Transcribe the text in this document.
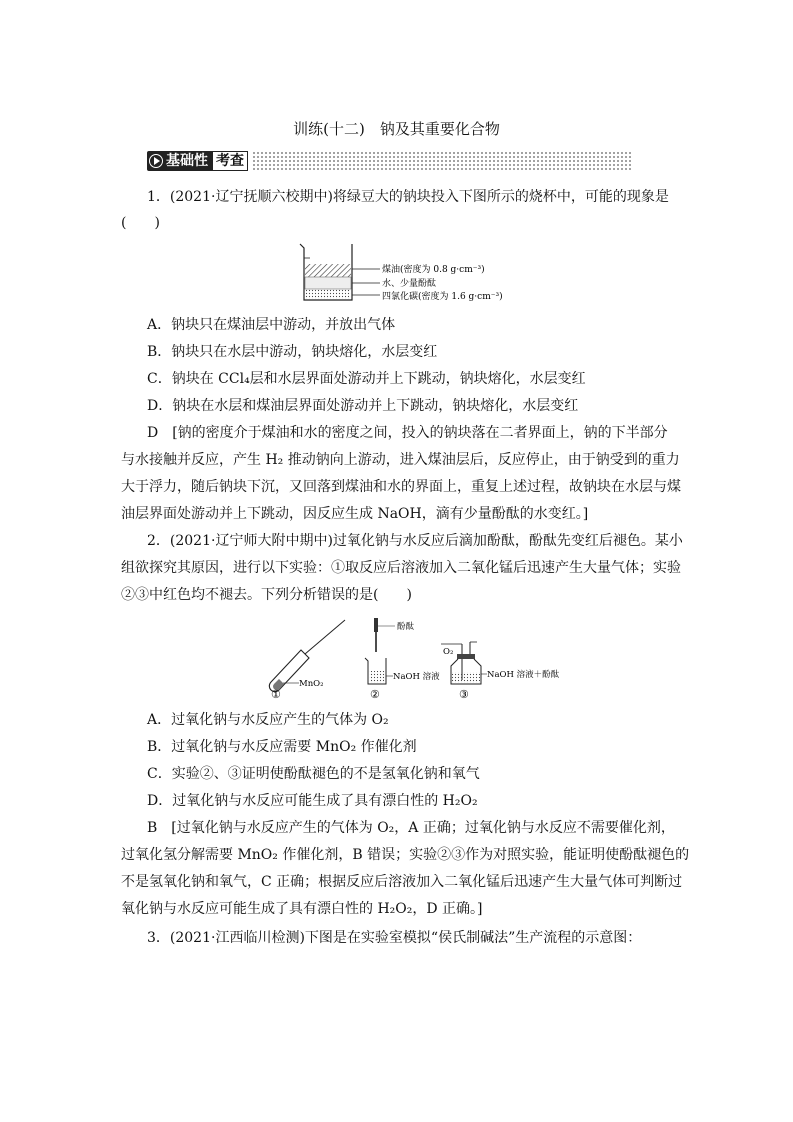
训练(十二)　钠及其重要化合物
基础性 考查
1．(2021·辽宁抚顺六校期中)将绿豆大的钠块投入下图所示的烧杯中，可能的现象是
(　　)
煤油(密度为 0.8 g·cm⁻³)
水、少量酚酞
四氯化碳(密度为 1.6 g·cm⁻³)
A．钠块只在煤油层中游动，并放出气体
B．钠块只在水层中游动，钠块熔化，水层变红
C．钠块在 CCl₄层和水层界面处游动并上下跳动，钠块熔化，水层变红
D．钠块在水层和煤油层界面处游动并上下跳动，钠块熔化，水层变红
D　[钠的密度介于煤油和水的密度之间，投入的钠块落在二者界面上，钠的下半部分
与水接触并反应，产生 H₂ 推动钠向上游动，进入煤油层后，反应停止，由于钠受到的重力
大于浮力，随后钠块下沉，又回落到煤油和水的界面上，重复上述过程，故钠块在水层与煤
油层界面处游动并上下跳动，因反应生成 NaOH，滴有少量酚酞的水变红。]
2．(2021·辽宁师大附中期中)过氧化钠与水反应后滴加酚酞，酚酞先变红后褪色。某小
组欲探究其原因，进行以下实验：①取反应后溶液加入二氧化锰后迅速产生大量气体；实验
②③中红色均不褪去。下列分析错误的是(　　)
MnO₂
①
酚酞
NaOH 溶液
②
O₂
NaOH 溶液＋酚酞
③
A．过氧化钠与水反应产生的气体为 O₂
B．过氧化钠与水反应需要 MnO₂ 作催化剂
C．实验②、③证明使酚酞褪色的不是氢氧化钠和氧气
D．过氧化钠与水反应可能生成了具有漂白性的 H₂O₂
B　[过氧化钠与水反应产生的气体为 O₂，A 正确；过氧化钠与水反应不需要催化剂，
过氧化氢分解需要 MnO₂ 作催化剂，B 错误；实验②③作为对照实验，能证明使酚酞褪色的
不是氢氧化钠和氧气，C 正确；根据反应后溶液加入二氧化锰后迅速产生大量气体可判断过
氧化钠与水反应可能生成了具有漂白性的 H₂O₂，D 正确。]
3．(2021·江西临川检测)下图是在实验室模拟“侯氏制碱法”生产流程的示意图：
